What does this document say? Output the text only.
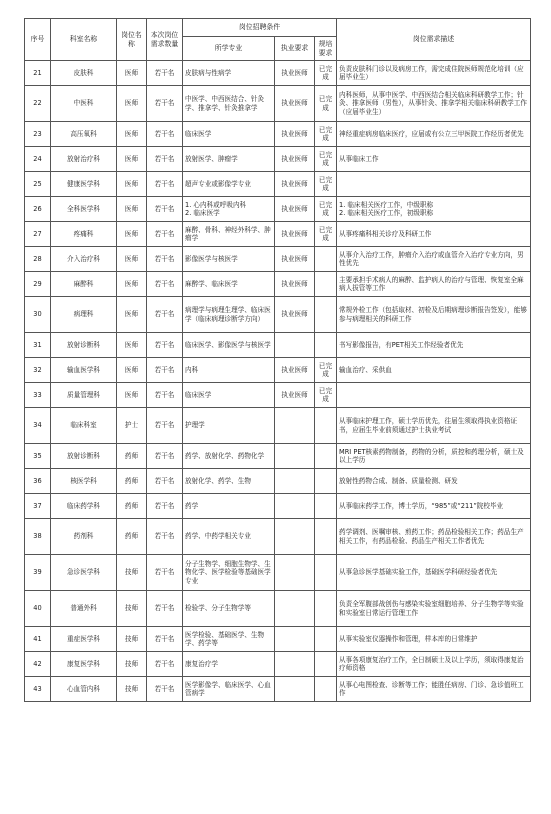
序号	科室名称	岗位名称	本次岗位需求数量	岗位招聘条件			岗位需求描述
				所学专业	执业要求	规培要求	
21	皮肤科	医师	若干名	皮肤病与性病学	执业医师	已完成	负责皮肤科门诊以及病房工作，需完成住院医师规范化培训（应届毕业生）
22	中医科	医师	若干名	中医学、中西医结合、针灸学、推拿学、针灸推拿学	执业医师	已完成	内科医师，从事中医学、中西医结合相关临床科研教学工作；针灸、推拿医师（男性），从事针灸、推拿学相关临床科研教学工作（应届毕业生）
23	高压氧科	医师	若干名	临床医学	执业医师	已完成	神经重症病房临床医疗，应届或有公立三甲医院工作经历者优先
24	放射治疗科	医师	若干名	放射医学、肿瘤学	执业医师	已完成	从事临床工作
25	健康医学科	医师	若干名	超声专业或影像学专业	执业医师	已完成	
26	全科医学科	医师	若干名	1. 心内科或呼吸内科
2. 临床医学	执业医师	已完成	1. 临床相关医疗工作，中级职称
2. 临床相关医疗工作，初级职称
27	疼痛科	医师	若干名	麻醉、骨科、神经外科学、肿瘤学	执业医师	已完成	从事疼痛科相关诊疗及科研工作
28	介入治疗科	医师	若干名	影像医学与核医学	执业医师		从事介入治疗工作，肿瘤介入治疗或血管介入治疗专业方向，男性优先
29	麻醉科	医师	若干名	麻醉学、临床医学	执业医师		主要承担手术病人的麻醉、监护病人的治疗与管理、恢复室全麻病人拔管等工作
30	病理科	医师	若干名	病理学与病理生理学、临床医学（临床病理诊断学方向）	执业医师		常规外检工作（包括取材、初检及后期病理诊断报告签发），能够参与病理相关的科研工作
31	放射诊断科	医师	若干名	临床医学、影像医学与核医学			书写影像报告，有PET相关工作经验者优先
32	输血医学科	医师	若干名	内科	执业医师	已完成	输血治疗、采供血
33	质量管理科	医师	若干名	临床医学	执业医师	已完成	
34	临床科室	护士	若干名	护理学			从事临床护理工作，硕士学历优先，往届生须取得执业资格证书，应届生毕业前须通过护士执业考试
35	放射诊断科	药师	若干名	药学、放射化学、药物化学			MRI PET核素药物制备，药物的分析，质控和药理分析，硕士及以上学历
36	核医学科	药师	若干名	放射化学、药学、生物			放射性药物合成、制备、质量检测、研发
37	临床药学科	药师	若干名	药学			从事临床药学工作，博士学历，“985”或“211”院校毕业
38	药剂科	药师	若干名	药学、中药学相关专业			药学调剂、医嘱审核、煎药工作；药品检验相关工作；药品生产相关工作，有药品检验、药品生产相关工作者优先
39	急诊医学科	技师	若干名	分子生物学、细胞生物学、生物化学、医学检验等基础医学专业			从事急诊医学基础实验工作，基础医学科研经验者优先
40	普通外科	技师	若干名	检验学、分子生物学等			负责全军腹部战创伤与感染实验室细胞培养、分子生物学等实验和实验室日常运行管理工作
41	重症医学科	技师	若干名	医学检验、基础医学、生物学、药学等			从事实验室仪器操作和管理，样本库的日常维护
42	康复医学科	技师	若干名	康复治疗学			从事各项康复治疗工作，全日制硕士及以上学历，须取得康复治疗师资格
43	心血管内科	技师	若干名	医学影像学、临床医学、心血管病学			从事心电图检查、诊断等工作；能胜任病房、门诊、急诊值班工作
